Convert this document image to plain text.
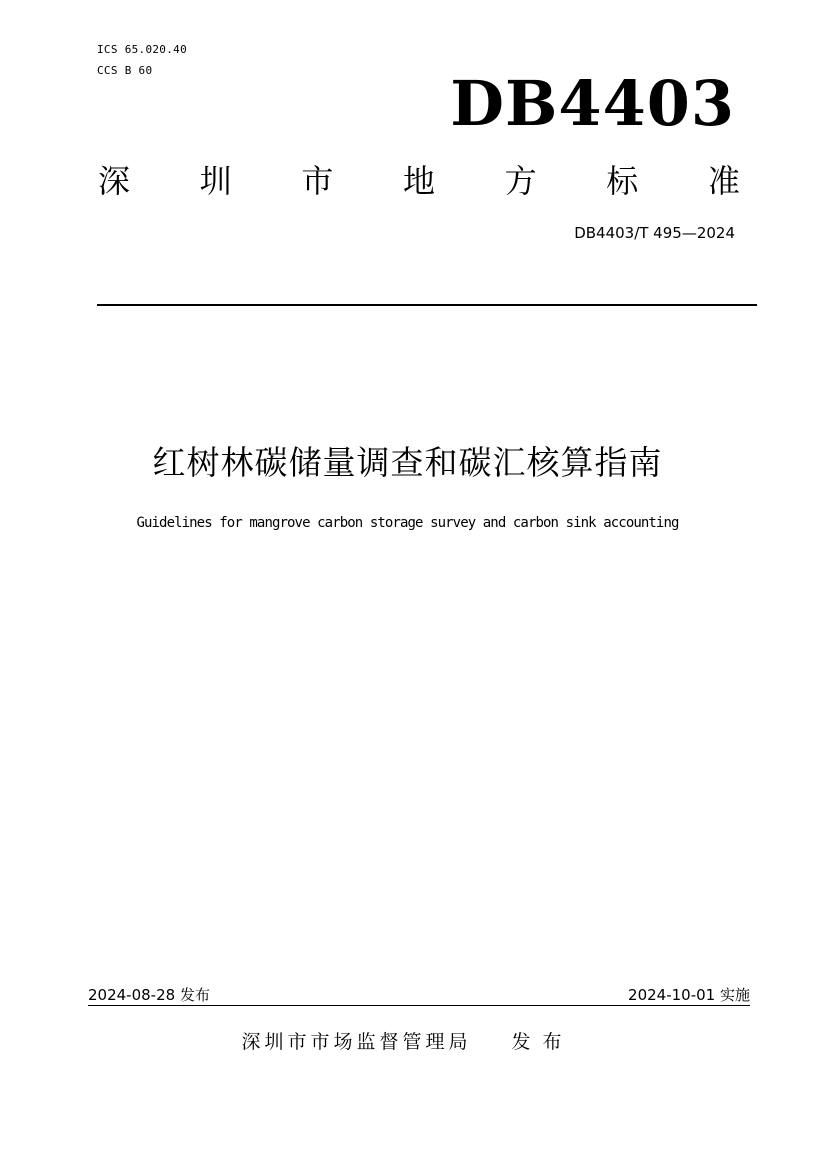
ICS 65.020.40
CCS B 60	DB4403
深 圳 市 地 方 标 准
DB4403/T 495—2024
红树林碳储量调查和碳汇核算指南
Guidelines for mangrove carbon storage survey and carbon sink accounting
2024-08-28 发布	2024-10-01 实施
深圳市市场监督管理局 发布
